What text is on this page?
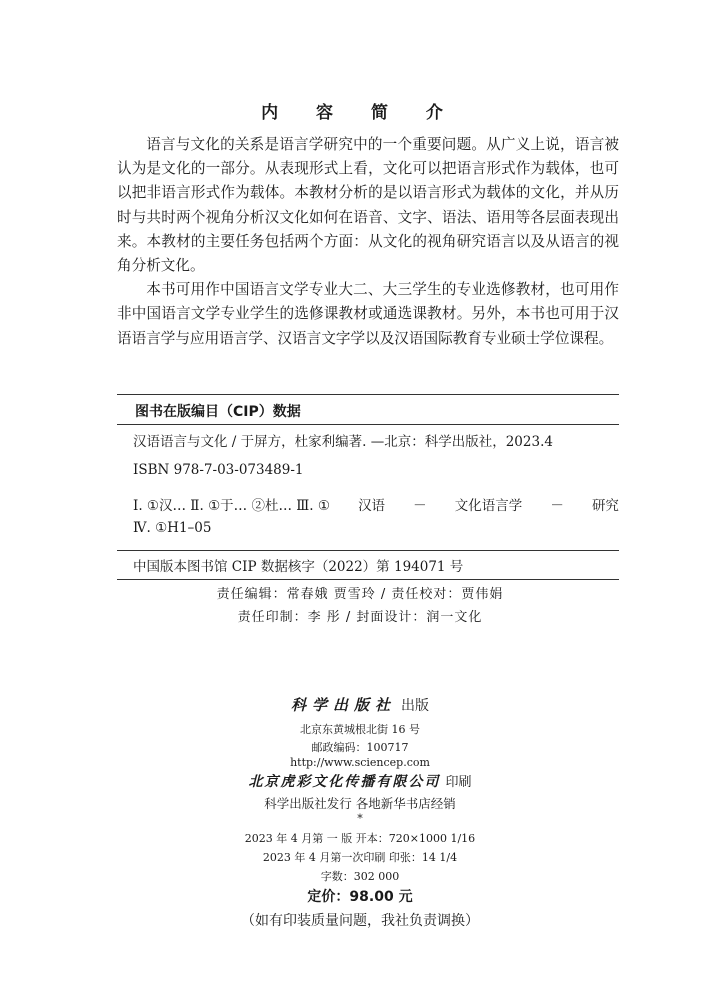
内 容 简 介

语言与文化的关系是语言学研究中的一个重要问题。从广义上说，语言被认为是文化的一部分。从表现形式上看，文化可以把语言形式作为载体，也可以把非语言形式作为载体。本教材分析的是以语言形式为载体的文化，并从历时与共时两个视角分析汉文化如何在语音、文字、语法、语用等各层面表现出来。本教材的主要任务包括两个方面：从文化的视角研究语言以及从语言的视角分析文化。

本书可用作中国语言文学专业大二、大三学生的专业选修教材，也可用作非中国语言文学专业学生的选修课教材或通选课教材。另外，本书也可用于汉语语言学与应用语言学、汉语言文字学以及汉语国际教育专业硕士学位课程。

图书在版编目（CIP）数据
汉语语言与文化 / 于屏方，杜家利编著. —北京：科学出版社，2023.4
ISBN 978-7-03-073489-1
Ⅰ. ①汉… Ⅱ. ①于… ②杜… Ⅲ. ① 汉语 － 文化语言学 － 研究
Ⅳ. ①H1–05
中国版本图书馆 CIP 数据核字（2022）第 194071 号
责任编辑：常春娥 贾雪玲 / 责任校对：贾伟娟
责任印制：李 彤 / 封面设计：润一文化
科学出版社 出版
北京东黄城根北街 16 号
邮政编码：100717
http://www.sciencep.com
北京虎彩文化传播有限公司 印刷
科学出版社发行 各地新华书店经销
*
2023 年 4 月第 一 版 开本：720×1000 1/16
2023 年 4 月第一次印刷 印张：14 1/4
字数：302 000
定价：98.00 元
（如有印装质量问题，我社负责调换）
